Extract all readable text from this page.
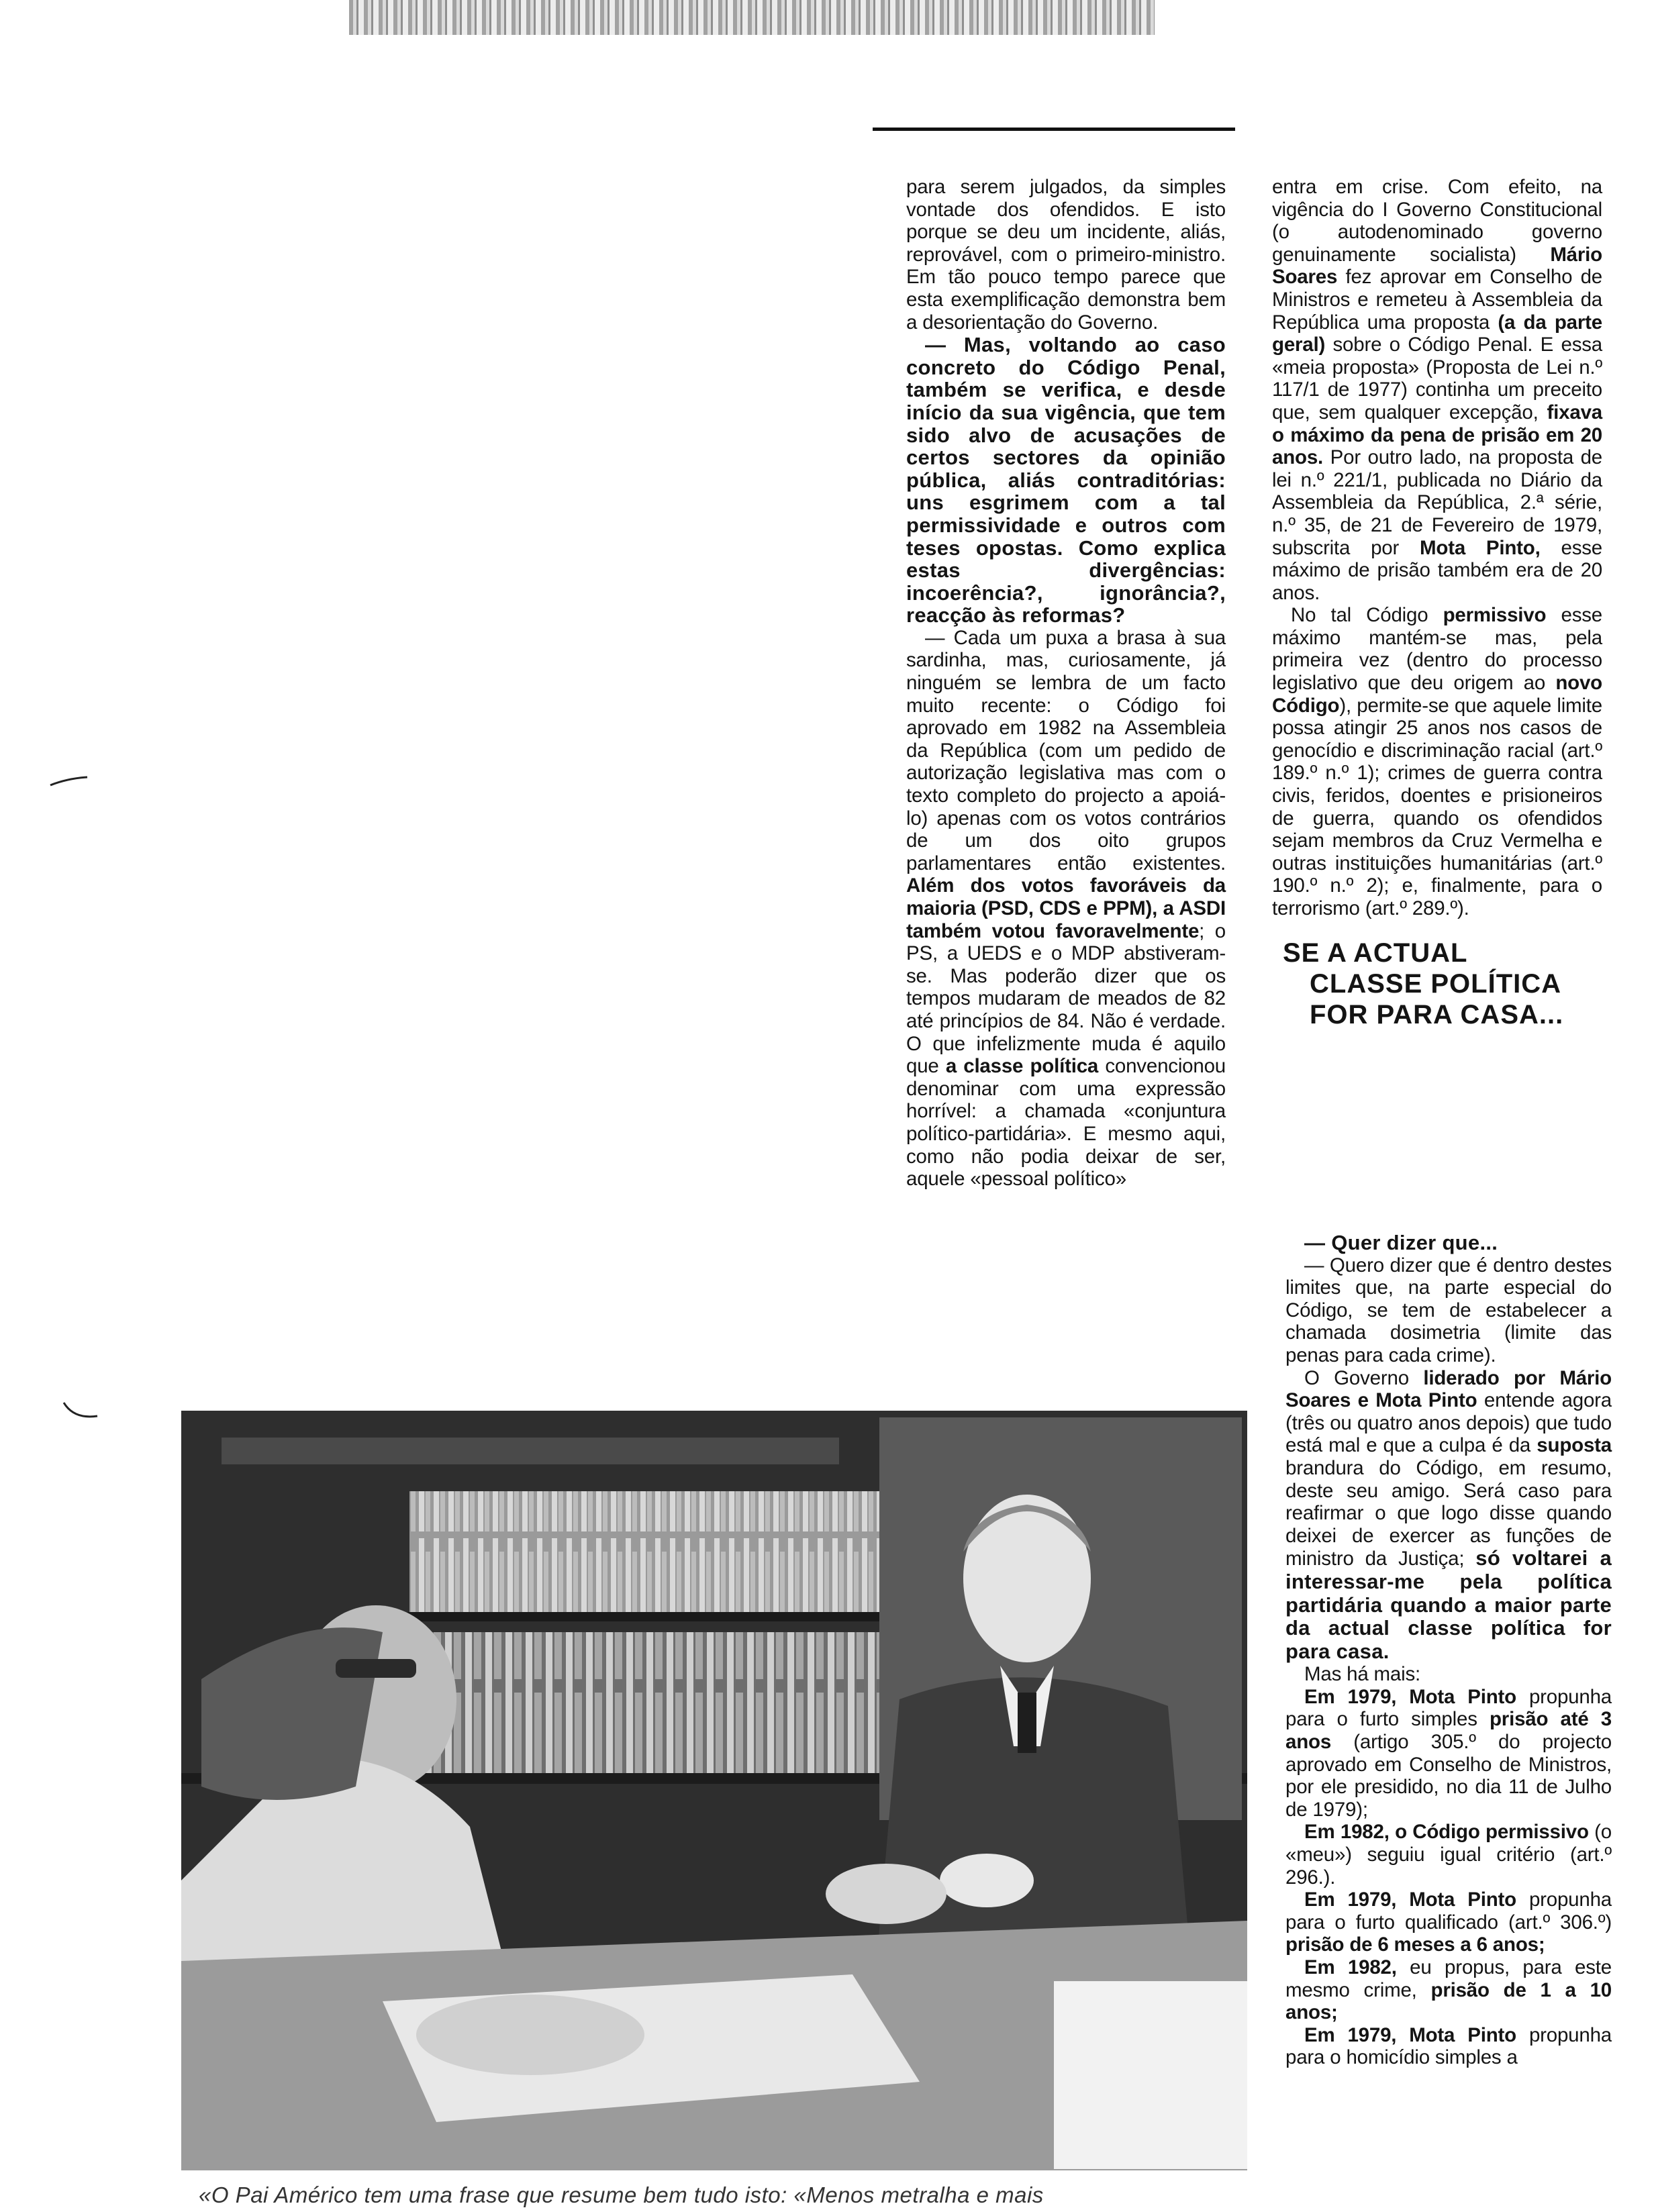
para serem julgados, da simples vontade dos ofendidos. E isto porque se deu um incidente, aliás, reprovável, com o primeiro-ministro. Em tão pouco tempo parece que esta exemplificação demonstra bem a desorientação do Governo.

— Mas, voltando ao caso concreto do Código Penal, também se verifica, e desde início da sua vigência, que tem sido alvo de acusações de certos sectores da opinião pública, aliás contraditórias: uns esgrimem com a tal permissividade e outros com teses opostas. Como explica estas divergências: incoerência?, ignorância?, reacção às reformas?

— Cada um puxa a brasa à sua sardinha, mas, curiosamente, já ninguém se lembra de um facto muito recente: o Código foi aprovado em 1982 na Assembleia da República (com um pedido de autorização legislativa mas com o texto completo do projecto a apoiá-lo) apenas com os votos contrários de um dos oito grupos parlamentares então existentes. Além dos votos favoráveis da maioria (PSD, CDS e PPM), a ASDI também votou favoravelmente; o PS, a UEDS e o MDP abstiveram-se. Mas poderão dizer que os tempos mudaram de meados de 82 até princípios de 84. Não é verdade. O que infelizmente muda é aquilo que a classe política convencionou denominar com uma expressão horrível: a chamada «conjuntura político-partidária». E mesmo aqui, como não podia deixar de ser, aquele «pessoal político»

entra em crise. Com efeito, na vigência do I Governo Constitucional (o autodenominado governo genuinamente socialista) Mário Soares fez aprovar em Conselho de Ministros e remeteu à Assembleia da República uma proposta (a da parte geral) sobre o Código Penal. E essa «meia proposta» (Proposta de Lei n.º 117/1 de 1977) continha um preceito que, sem qualquer excepção, fixava o máximo da pena de prisão em 20 anos. Por outro lado, na proposta de lei n.º 221/1, publicada no Diário da Assembleia da República, 2.ª série, n.º 35, de 21 de Fevereiro de 1979, subscrita por Mota Pinto, esse máximo de prisão também era de 20 anos.

No tal Código permissivo esse máximo mantém-se mas, pela primeira vez (dentro do processo legislativo que deu origem ao novo Código), permite-se que aquele limite possa atingir 25 anos nos casos de genocídio e discriminação racial (art.º 189.º n.º 1); crimes de guerra contra civis, feridos, doentes e prisioneiros de guerra, quando os ofendidos sejam membros da Cruz Vermelha e outras instituições humanitárias (art.º 190.º n.º 2); e, finalmente, para o terrorismo (art.º 289.º).

SE A ACTUAL
CLASSE POLÍTICA
FOR PARA CASA...

— Quer dizer que...

— Quero dizer que é dentro destes limites que, na parte especial do Código, se tem de estabelecer a chamada dosimetria (limite das penas para cada crime).

O Governo liderado por Mário Soares e Mota Pinto entende agora (três ou quatro anos depois) que tudo está mal e que a culpa é da suposta brandura do Código, em resumo, deste seu amigo. Será caso para reafirmar o que logo disse quando deixei de exercer as funções de ministro da Justiça; só voltarei a interessar-me pela política partidária quando a maior parte da actual classe política for para casa.

Mas há mais:

Em 1979, Mota Pinto propunha para o furto simples prisão até 3 anos (artigo 305.º do projecto aprovado em Conselho de Ministros, por ele presidido, no dia 11 de Julho de 1979);

Em 1982, o Código permissivo (o «meu») seguiu igual critério (art.º 296.).

Em 1979, Mota Pinto propunha para o furto qualificado (art.º 306.º) prisão de 6 meses a 6 anos;

Em 1982, eu propus, para este mesmo crime, prisão de 1 a 10 anos;

Em 1979, Mota Pinto propunha para o homicídio simples a

«O Pai Américo tem uma frase que resume bem tudo isto: «Menos metralha e mais
